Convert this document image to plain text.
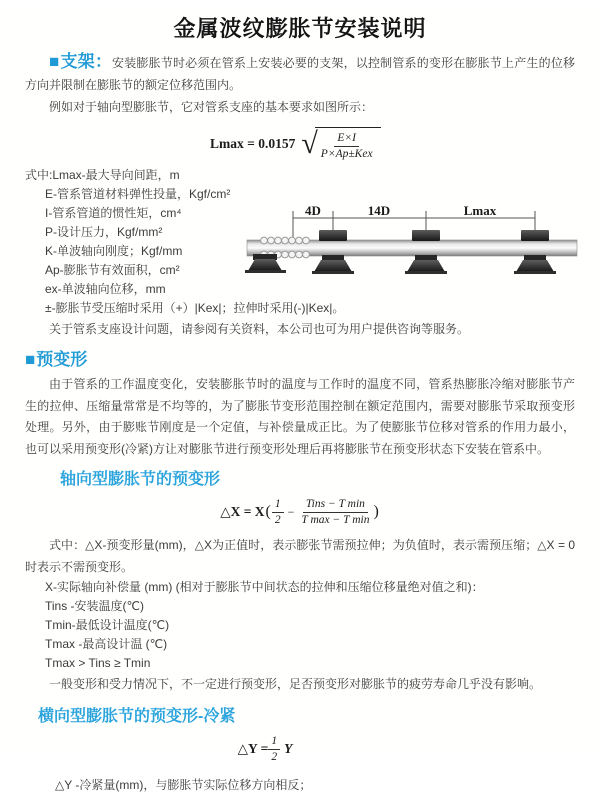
金属波纹膨胀节安装说明

■支架：安装膨胀节时必须在管系上安装必要的支架，以控制管系的变形在膨胀节上产生的位移方向并限制在膨胀节的额定位移范围内。

例如对于轴向型膨胀节，它对管系支座的基本要求如图所示：

Lmax = 0.0157 √ $\frac{E\times I}{\text{P×Ap±Kex}}$
式中:Lmax-最大导向间距，m
E-管系管道材料弹性投量，Kgf/cm²
I-管系管道的惯性矩，cm⁴
P-设计压力，Kgf/mm²
K-单波轴向刚度；Kgf/mm
Ap-膨胀节有效面积，cm²
ex-单波轴向位移，mm
±-膨胀节受压缩时采用（+）|Kex|；拉伸时采用(-)|Kex|。

关于管系支座设计问题，请参阅有关资料，本公司也可为用户提供咨询等服务。

■预变形

由于管系的工作温度变化，安装膨胀节时的温度与工作时的温度不同，管系热膨胀冷缩对膨胀节产生的拉伸、压缩量常常是不均等的，为了膨胀节变形范围控制在额定范围内，需要对膨胀节采取预变形处理。另外，由于膨账节刚度是一个定值，与补偿量成正比。为了使膨胀节位移对管系的作用力最小，也可以采用预变形(冷紧)方让对膨胀节进行预变形处理后再将膨胀节在预变形状态下安装在管系中。

轴向型膨胀节的预变形
△X = X ( $\frac{1}{2} - \frac{\text{Tins − T min}}{\text{T max − T min}}$ )

式中：△X-预变形量(mm)，△X为正值时，表示膨张节需预拉伸；为负值时，表示需预压缩；△X = 0时表示不需预变形。

X-实际轴向补偿量 (mm) (相对于膨胀节中间状态的拉伸和压缩位移量绝对值之和)：
Tins -安装温度(℃)
Tmin-最低设计温度(℃)
Tmax -最高设计温 (℃)
Tmax > Tins ≥ Tmin

一般变形和受力情况下，不一定进行预变形，足否预变形对膨胀节的疲劳寿命几乎没有影响。

横向型膨胀节的预变形-冷紧
△Y = $\frac{1}{2}$ Y

△Y -冷紧量(mm)，与膨胀节实际位移方向相反；

4D	14D	Lmax
